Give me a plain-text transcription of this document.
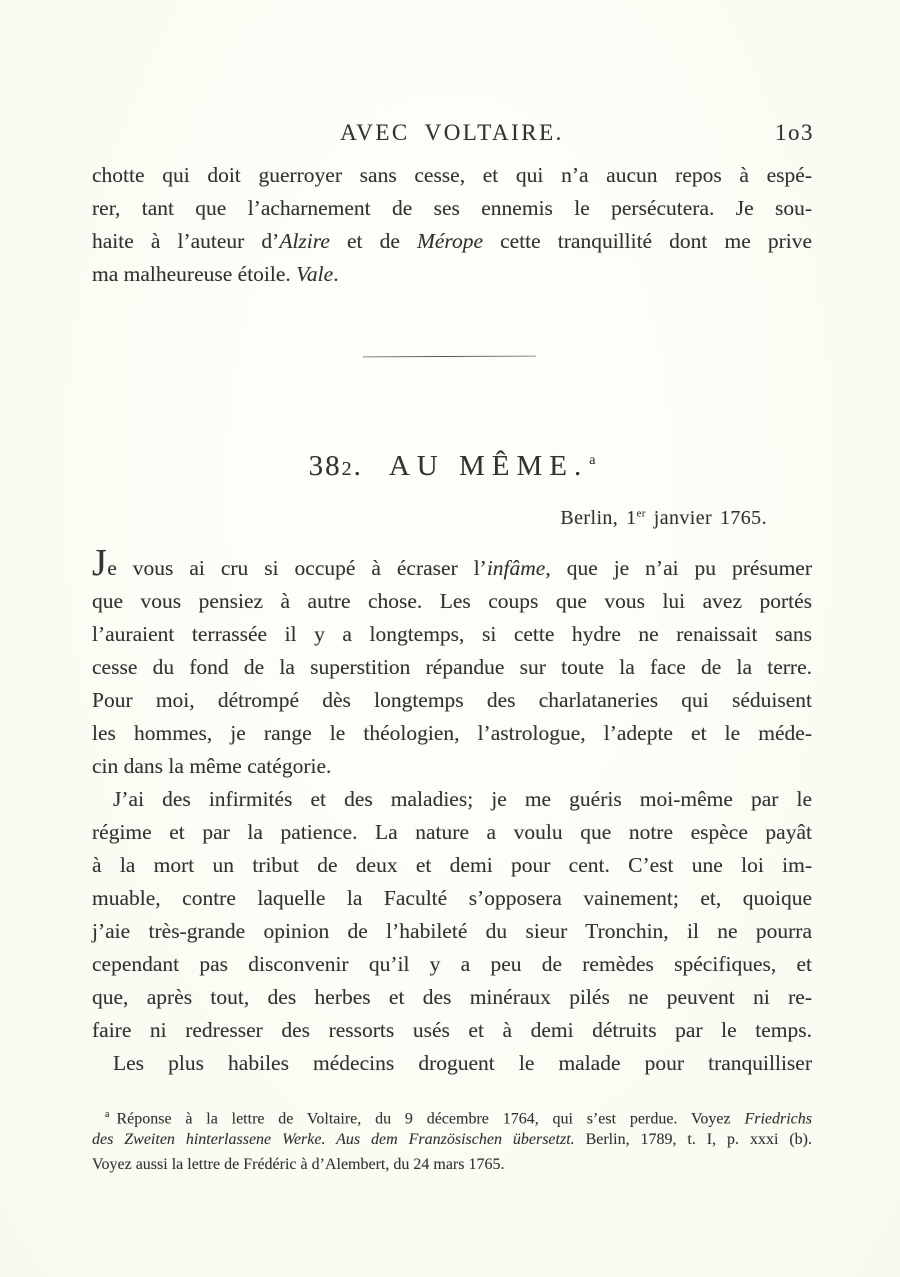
AVEC VOLTAIRE.	1o3
chotte qui doit guerroyer sans cesse, et qui n’a aucun repos à espé-
rer, tant que l’acharnement de ses ennemis le persécutera. Je sou-
haite à l’auteur d’Alzire et de Mérope cette tranquillité dont me prive
ma malheureuse étoile. Vale.
382. AU MÊME.$^a$
Berlin, 1er janvier 1765.
Je vous ai cru si occupé à écraser l’infâme, que je n’ai pu présumer
que vous pensiez à autre chose. Les coups que vous lui avez portés
l’auraient terrassée il y a longtemps, si cette hydre ne renaissait sans
cesse du fond de la superstition répandue sur toute la face de la terre.
Pour moi, détrompé dès longtemps des charlataneries qui séduisent
les hommes, je range le théologien, l’astrologue, l’adepte et le méde-
cin dans la même catégorie.
J’ai des infirmités et des maladies; je me guéris moi-même par le
régime et par la patience. La nature a voulu que notre espèce payât
à la mort un tribut de deux et demi pour cent. C’est une loi im-
muable, contre laquelle la Faculté s’opposera vainement; et, quoique
j’aie très-grande opinion de l’habileté du sieur Tronchin, il ne pourra
cependant pas disconvenir qu’il y a peu de remèdes spécifiques, et
que, après tout, des herbes et des minéraux pilés ne peuvent ni re-
faire ni redresser des ressorts usés et à demi détruits par le temps.
Les plus habiles médecins droguent le malade pour tranquilliser
$^a$ Réponse à la lettre de Voltaire, du 9 décembre 1764, qui s’est perdue. Voyez Friedrichs
des Zweiten hinterlassene Werke. Aus dem Französischen übersetzt. Berlin, 1789, t. I, p. xxxi (b).
Voyez aussi la lettre de Frédéric à d’Alembert, du 24 mars 1765.
